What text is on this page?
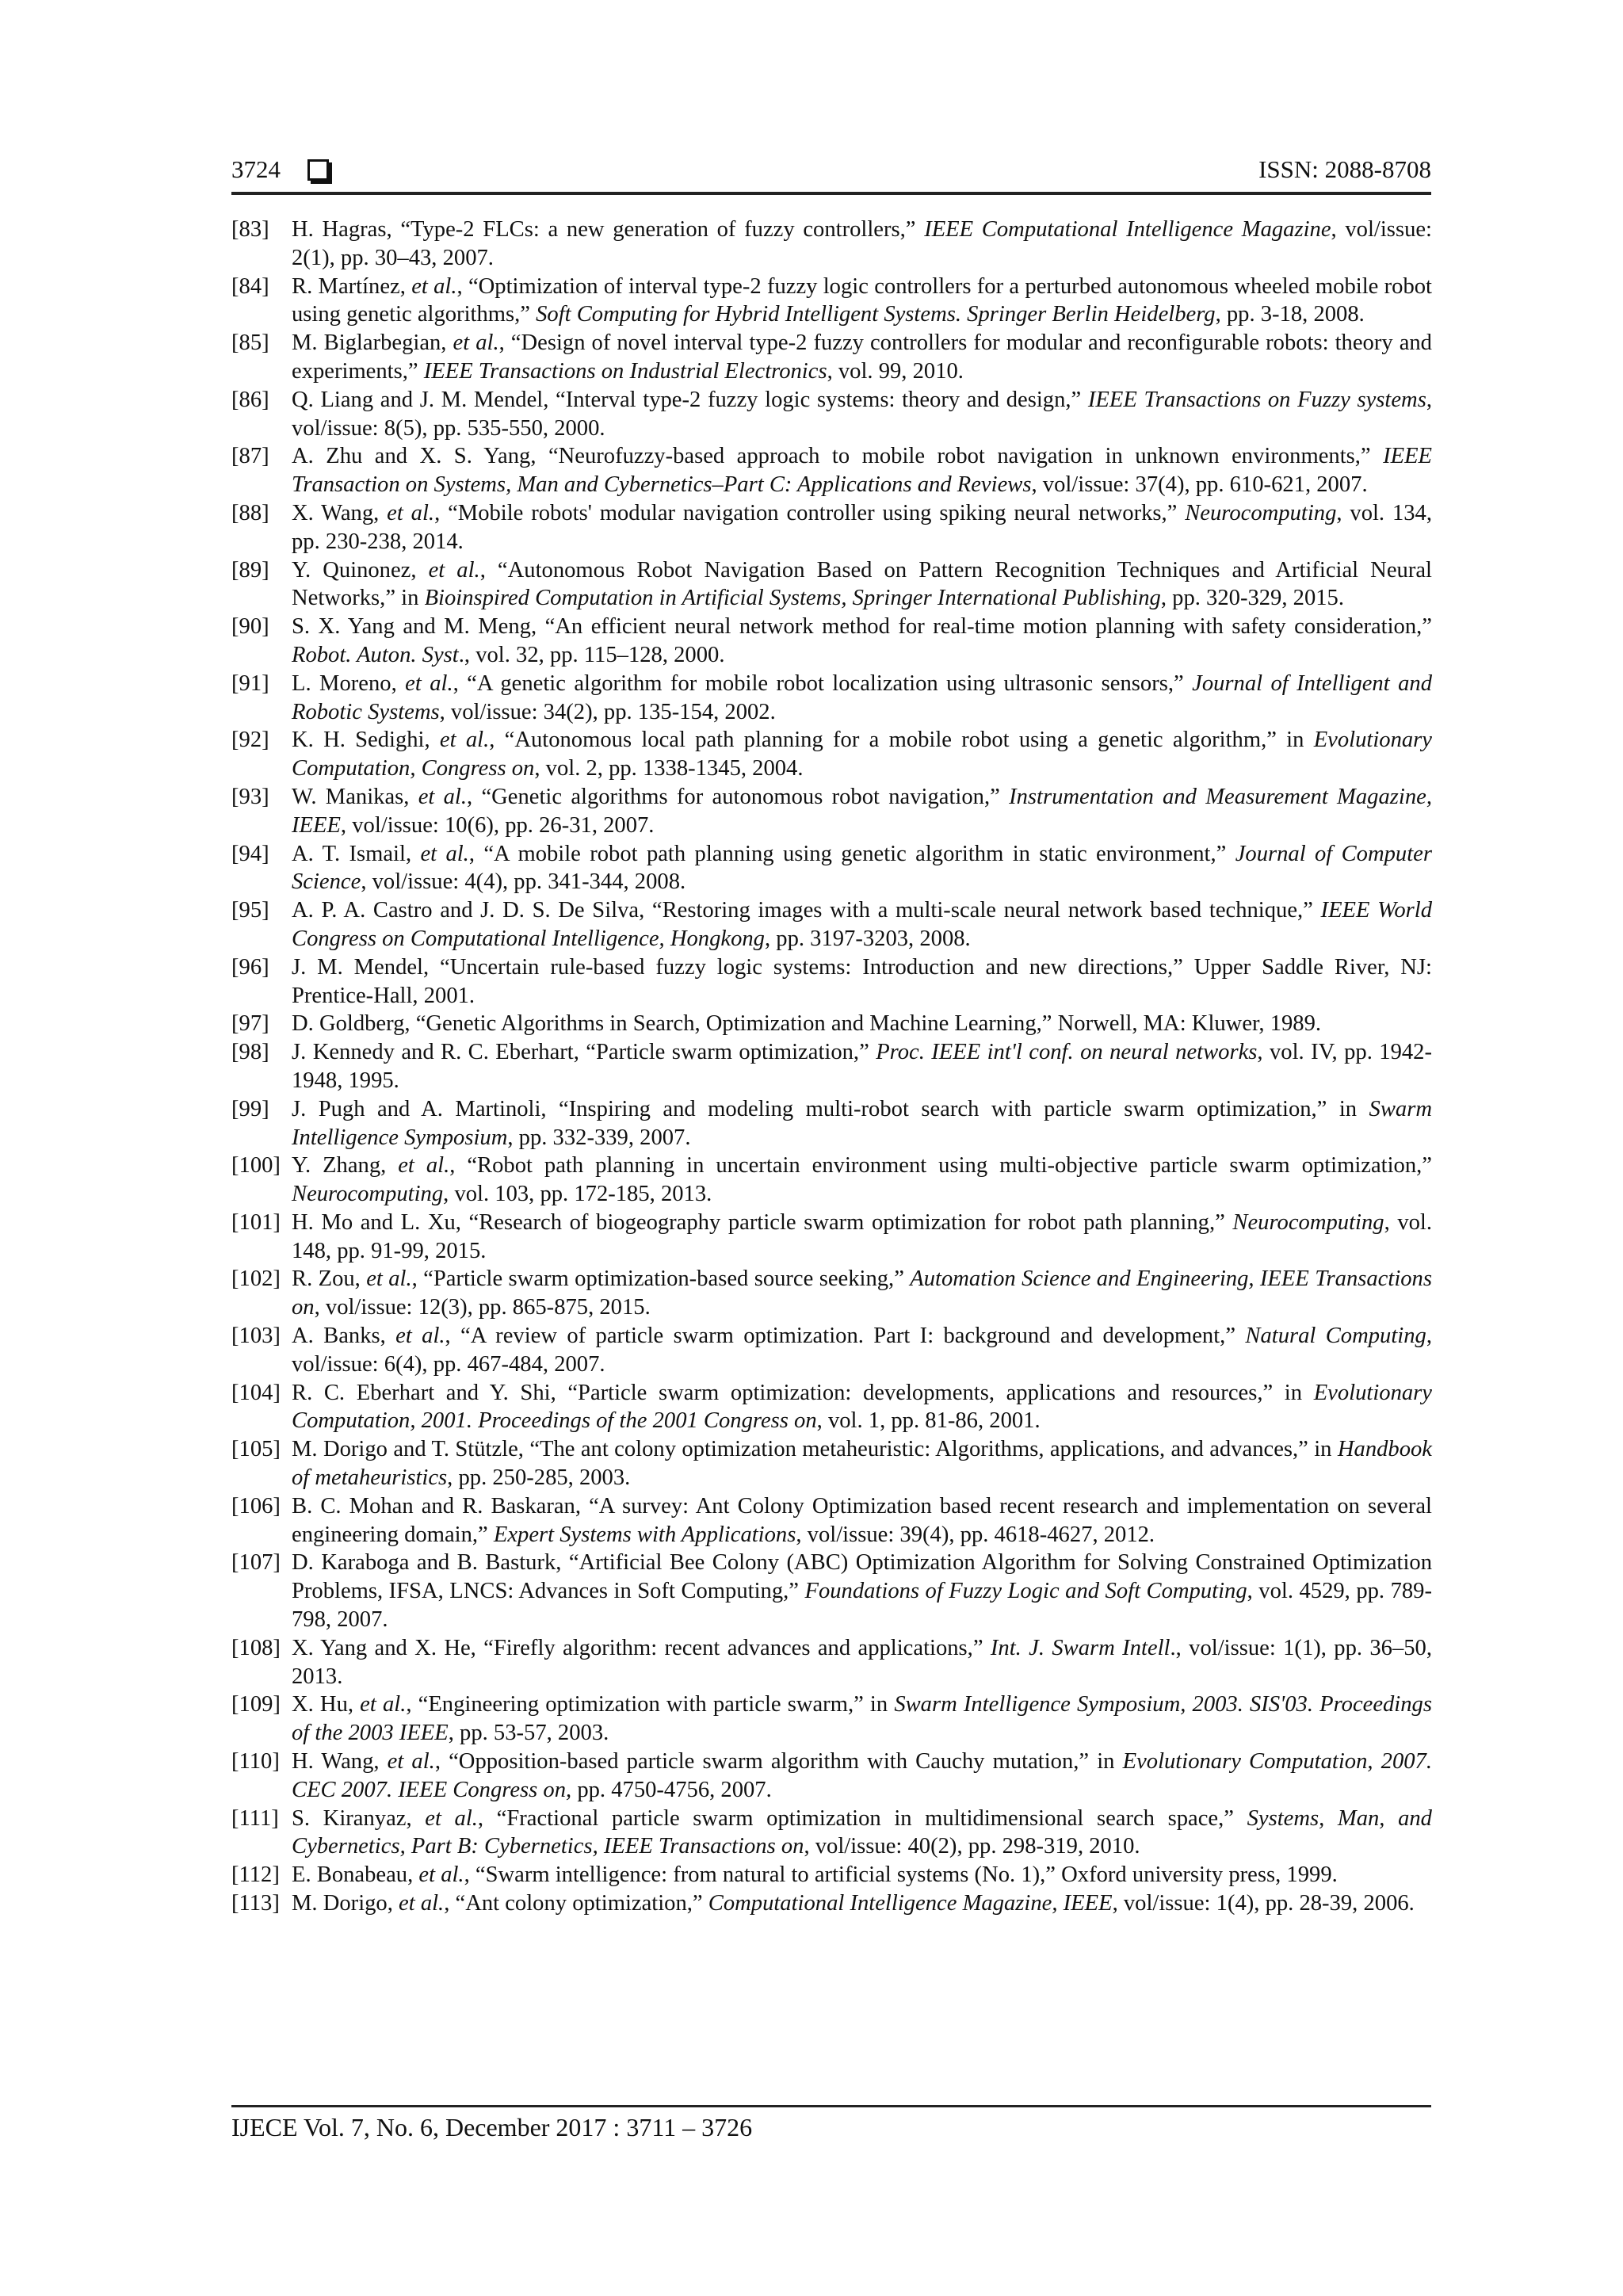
3724	ISSN: 2088-8708
[83] H. Hagras, “Type-2 FLCs: a new generation of fuzzy controllers,” IEEE Computational Intelligence Magazine, vol/issue: 2(1), pp. 30–43, 2007.
[84] R. Martínez, et al., “Optimization of interval type-2 fuzzy logic controllers for a perturbed autonomous wheeled mobile robot using genetic algorithms,” Soft Computing for Hybrid Intelligent Systems. Springer Berlin Heidelberg, pp. 3-18, 2008.
[85] M. Biglarbegian, et al., “Design of novel interval type-2 fuzzy controllers for modular and reconfigurable robots: theory and experiments,” IEEE Transactions on Industrial Electronics, vol. 99, 2010.
[86] Q. Liang and J. M. Mendel, “Interval type-2 fuzzy logic systems: theory and design,” IEEE Transactions on Fuzzy systems, vol/issue: 8(5), pp. 535-550, 2000.
[87] A. Zhu and X. S. Yang, “Neurofuzzy-based approach to mobile robot navigation in unknown environments,” IEEE Transaction on Systems, Man and Cybernetics–Part C: Applications and Reviews, vol/issue: 37(4), pp. 610-621, 2007.
[88] X. Wang, et al., “Mobile robots' modular navigation controller using spiking neural networks,” Neurocomputing, vol. 134, pp. 230-238, 2014.
[89] Y. Quinonez, et al., “Autonomous Robot Navigation Based on Pattern Recognition Techniques and Artificial Neural Networks,” in Bioinspired Computation in Artificial Systems, Springer International Publishing, pp. 320-329, 2015.
[90] S. X. Yang and M. Meng, “An efficient neural network method for real-time motion planning with safety consideration,” Robot. Auton. Syst., vol. 32, pp. 115–128, 2000.
[91] L. Moreno, et al., “A genetic algorithm for mobile robot localization using ultrasonic sensors,” Journal of Intelligent and Robotic Systems, vol/issue: 34(2), pp. 135-154, 2002.
[92] K. H. Sedighi, et al., “Autonomous local path planning for a mobile robot using a genetic algorithm,” in Evolutionary Computation, Congress on, vol. 2, pp. 1338-1345, 2004.
[93] W. Manikas, et al., “Genetic algorithms for autonomous robot navigation,” Instrumentation and Measurement Magazine, IEEE, vol/issue: 10(6), pp. 26-31, 2007.
[94] A. T. Ismail, et al., “A mobile robot path planning using genetic algorithm in static environment,” Journal of Computer Science, vol/issue: 4(4), pp. 341-344, 2008.
[95] A. P. A. Castro and J. D. S. De Silva, “Restoring images with a multi-scale neural network based technique,” IEEE World Congress on Computational Intelligence, Hongkong, pp. 3197-3203, 2008.
[96] J. M. Mendel, “Uncertain rule-based fuzzy logic systems: Introduction and new directions,” Upper Saddle River, NJ: Prentice-Hall, 2001.
[97] D. Goldberg, “Genetic Algorithms in Search, Optimization and Machine Learning,” Norwell, MA: Kluwer, 1989.
[98] J. Kennedy and R. C. Eberhart, “Particle swarm optimization,” Proc. IEEE int'l conf. on neural networks, vol. IV, pp. 1942-1948, 1995.
[99] J. Pugh and A. Martinoli, “Inspiring and modeling multi-robot search with particle swarm optimization,” in Swarm Intelligence Symposium, pp. 332-339, 2007.
[100] Y. Zhang, et al., “Robot path planning in uncertain environment using multi-objective particle swarm optimization,” Neurocomputing, vol. 103, pp. 172-185, 2013.
[101] H. Mo and L. Xu, “Research of biogeography particle swarm optimization for robot path planning,” Neurocomputing, vol. 148, pp. 91-99, 2015.
[102] R. Zou, et al., “Particle swarm optimization-based source seeking,” Automation Science and Engineering, IEEE Transactions on, vol/issue: 12(3), pp. 865-875, 2015.
[103] A. Banks, et al., “A review of particle swarm optimization. Part I: background and development,” Natural Computing, vol/issue: 6(4), pp. 467-484, 2007.
[104] R. C. Eberhart and Y. Shi, “Particle swarm optimization: developments, applications and resources,” in Evolutionary Computation, 2001. Proceedings of the 2001 Congress on, vol. 1, pp. 81-86, 2001.
[105] M. Dorigo and T. Stützle, “The ant colony optimization metaheuristic: Algorithms, applications, and advances,” in Handbook of metaheuristics, pp. 250-285, 2003.
[106] B. C. Mohan and R. Baskaran, “A survey: Ant Colony Optimization based recent research and implementation on several engineering domain,” Expert Systems with Applications, vol/issue: 39(4), pp. 4618-4627, 2012.
[107] D. Karaboga and B. Basturk, “Artificial Bee Colony (ABC) Optimization Algorithm for Solving Constrained Optimization Problems, IFSA, LNCS: Advances in Soft Computing,” Foundations of Fuzzy Logic and Soft Computing, vol. 4529, pp. 789-798, 2007.
[108] X. Yang and X. He, “Firefly algorithm: recent advances and applications,” Int. J. Swarm Intell., vol/issue: 1(1), pp. 36–50, 2013.
[109] X. Hu, et al., “Engineering optimization with particle swarm,” in Swarm Intelligence Symposium, 2003. SIS'03. Proceedings of the 2003 IEEE, pp. 53-57, 2003.
[110] H. Wang, et al., “Opposition-based particle swarm algorithm with Cauchy mutation,” in Evolutionary Computation, 2007. CEC 2007. IEEE Congress on, pp. 4750-4756, 2007.
[111] S. Kiranyaz, et al., “Fractional particle swarm optimization in multidimensional search space,” Systems, Man, and Cybernetics, Part B: Cybernetics, IEEE Transactions on, vol/issue: 40(2), pp. 298-319, 2010.
[112] E. Bonabeau, et al., “Swarm intelligence: from natural to artificial systems (No. 1),” Oxford university press, 1999.
[113] M. Dorigo, et al., “Ant colony optimization,” Computational Intelligence Magazine, IEEE, vol/issue: 1(4), pp. 28-39, 2006.
IJECE Vol. 7, No. 6, December 2017 : 3711 – 3726
